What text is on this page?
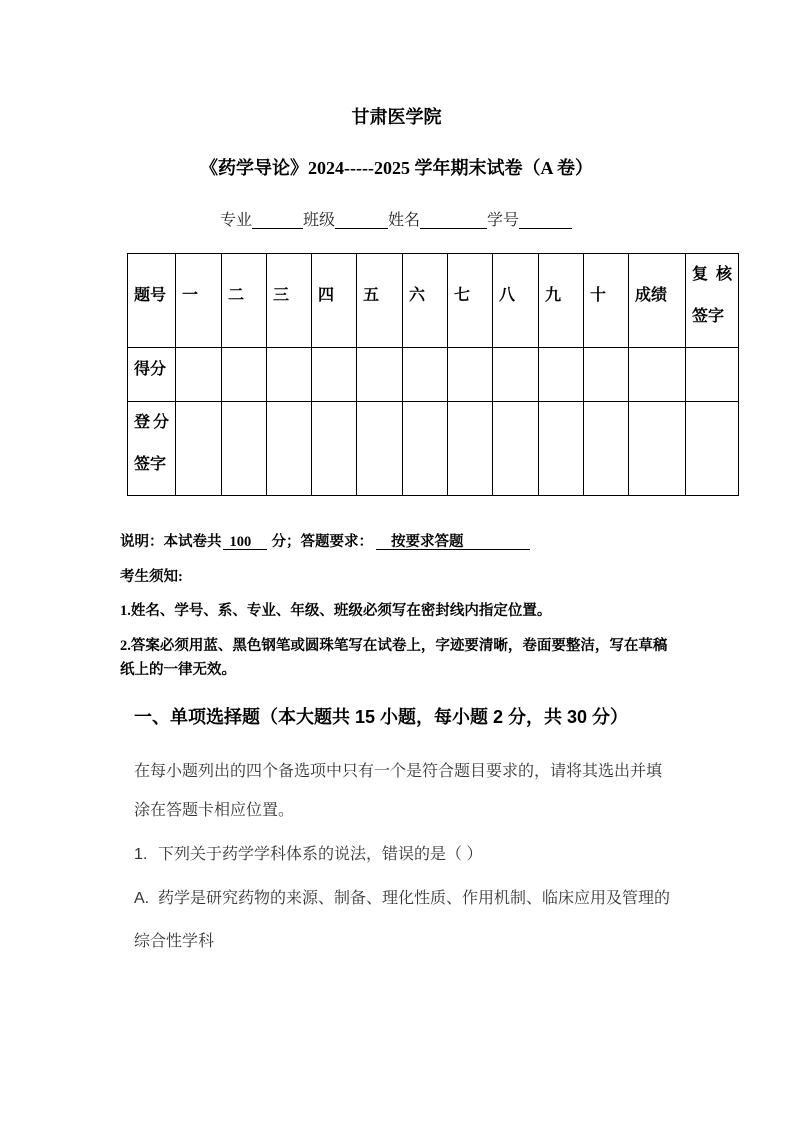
甘肃医学院
《药学导论》2024-----2025 学年期末试卷（A 卷）
专业	班级	姓名	学号
题号	一	二	三	四	五	六	七	八	九	十	成绩	复核签字

得分												

登分签字												

说明：本试卷共 100	分；答题要求：	按要求答题
考生须知:
1.姓名、学号、系、专业、年级、班级必须写在密封线内指定位置。
2.答案必须用蓝、黑色钢笔或圆珠笔写在试卷上，字迹要清晰，卷面要整洁，写在草稿
纸上的一律无效。
一、单项选择题（本大题共 15 小题，每小题 2 分，共 30 分）
在每小题列出的四个备选项中只有一个是符合题目要求的，请将其选出并填
涂在答题卡相应位置。
1. 下列关于药学学科体系的说法，错误的是（ ）
A. 药学是研究药物的来源、制备、理化性质、作用机制、临床应用及管理的
综合性学科
